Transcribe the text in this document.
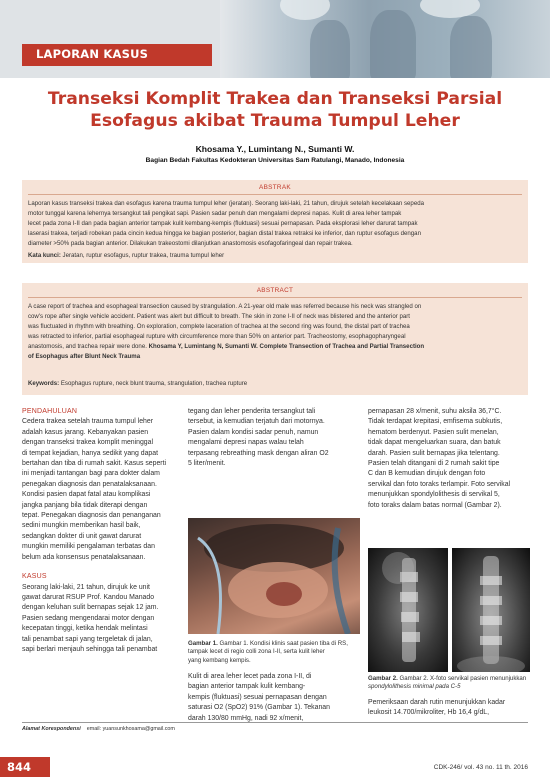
LAPORAN KASUS
Transeksi Komplit Trakea dan Transeksi Parsial
Esofagus akibat Trauma Tumpul Leher
Khosama Y., Lumintang N., Sumanti W.
Bagian Bedah Fakultas Kedokteran Universitas Sam Ratulangi, Manado, Indonesia
ABSTRAK

Laporan kasus transeksi trakea dan esofagus karena trauma tumpul leher (jeratan). Seorang laki-laki, 21 tahun, dirujuk setelah kecelakaan sepeda

motor tunggal karena lehernya tersangkut tali pengikat sapi. Pasien sadar penuh dan mengalami depresi napas. Kulit di area leher tampak

lecet pada zona I-II dan pada bagian anterior tampak kulit kembang-kempis (fluktuasi) sesuai pernapasan. Pada eksplorasi leher darurat tampak

laserasi trakea, terjadi robekan pada cincin kedua hingga ke bagian posterior, bagian distal trakea retraksi ke inferior, dan ruptur esofagus dengan

diameter >50% pada bagian anterior. Dilakukan trakeostomi dilanjutkan anastomosis esofagofaringeal dan repair trakea.

Kata kunci: Jeratan, ruptur esofagus, ruptur trakea, trauma tumpul leher

ABSTRACT

A case report of trachea and esophageal transection caused by strangulation. A 21-year old male was referred because his neck was strangled on

cow's rope after single vehicle accident. Patient was alert but difficult to breath. The skin in zone I-II of neck was blistered and the anterior part

was fluctuated in rhythm with breathing. On exploration, complete laceration of trachea at the second ring was found, the distal part of trachea

was retracted to inferior, partial esophageal rupture with circumference more than 50% on anterior part. Tracheostomy, esophagopharyngeal

anastomosis, and trachea repair were done. Khosama Y, Lumintang N, Sumanti W. Complete Transection of Trachea and Partial Transection

of Esophagus after Blunt Neck Trauma

Keywords: Esophagus rupture, neck blunt trauma, strangulation, trachea rupture

PENDAHULUAN

Cedera trakea setelah trauma tumpul leher

adalah kasus jarang. Kebanyakan pasien

dengan transeksi trakea komplit meninggal

di tempat kejadian, hanya sedikit yang dapat

bertahan dan tiba di rumah sakit. Kasus seperti

ini menjadi tantangan bagi para dokter dalam

penegakan diagnosis dan penatalaksanaan.

Kondisi pasien dapat fatal atau komplikasi

jangka panjang bila tidak diterapi dengan

tepat. Penegakan diagnosis dan penanganan

sedini mungkin memberikan hasil baik,

sedangkan dokter di unit gawat darurat

mungkin memiliki pengalaman terbatas dan

belum ada konsensus penatalaksanaan.

KASUS

Seorang laki-laki, 21 tahun, dirujuk ke unit

gawat darurat RSUP Prof. Kandou Manado

dengan keluhan sulit bernapas sejak 12 jam.

Pasien sedang mengendarai motor dengan

kecepatan tinggi, ketika hendak melintasi

tali penambat sapi yang tergeletak di jalan,

sapi berlari menjauh sehingga tali penambat

tegang dan leher penderita tersangkut tali

tersebut, ia kemudian terjatuh dari motornya.

Pasien dalam kondisi sadar penuh, namun

mengalami depresi napas walau telah

terpasang rebreathing mask dengan aliran O2

5 liter/menit.

Gambar 1. Gambar 1. Kondisi klinis saat pasien tiba di RS,
tampak lecet di regio colli zona I-II, serta kulit leher
yang kembang kempis.

Kulit di area leher lecet pada zona I-II, di

bagian anterior tampak kulit kembang-

kempis (fluktuasi) sesuai pernapasan dengan

saturasi O2 (SpO2) 91% (Gambar 1). Tekanan

darah 130/80 mmHg, nadi 92 x/menit,

pernapasan 28 x/menit, suhu aksila 36,7°C.

Tidak terdapat krepitasi, emfisema subkutis,

hematom berdenyut. Pasien sulit menelan,

tidak dapat mengeluarkan suara, dan batuk

darah. Pasien sulit bernapas jika telentang.

Pasien telah ditangani di 2 rumah sakit tipe

C dan B kemudian dirujuk dengan foto

servikal dan foto toraks terlampir. Foto servikal

menunjukkan spondylolithesis di servikal 5,

foto toraks dalam batas normal (Gambar 2).

Gambar 2. Gambar 2. X-foto servikal pasien menunjukkan
spondylolithesis minimal pada C-5

Pemeriksaan darah rutin menunjukkan kadar

leukosit 14.700/mikroliter, Hb 16,4 g/dL,

Alamat Korespondensi email: yuansunkhosama@gmail.com
844	CDK-246/ vol. 43 no. 11 th. 2016
